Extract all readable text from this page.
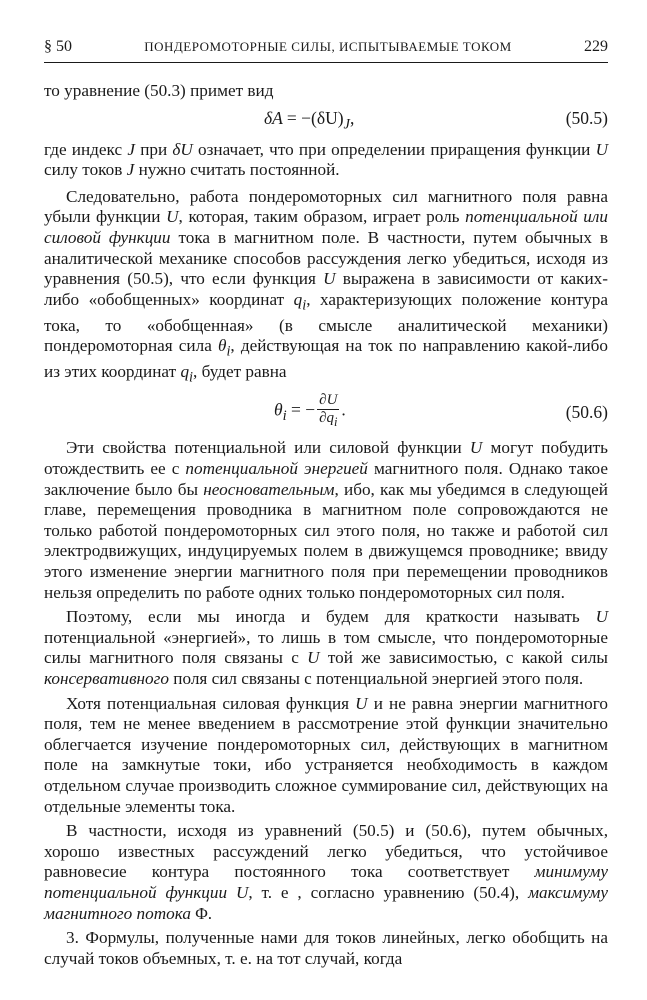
§ 50	ПОНДЕРОМОТОРНЫЕ СИЛЫ, ИСПЫТЫВАЕМЫЕ ТОКОМ	229

то уравнение (50.3) примет вид

$\delta A = -(\delta U)_J$,	(50.5)

где индекс J при δU означает, что при определении приращения функции U силу токов J нужно считать постоянной.

Следовательно, работа пондеромоторных сил магнитного поля равна убыли функции U, которая, таким образом, играет роль потенциальной или силовой функции тока в магнитном поле. В частности, путем обычных в аналитической механике способов рассуждения легко убедиться, исходя из уравнения (50.5), что если функция U выражена в зависимости от каких-либо «обобщенных» координат $q_i$, характеризующих положение контура тока, то «обобщенная» (в смысле аналитической механики) пондеромоторная сила $\theta_i$, действующая на ток по направлению какой-либо из этих координат $q_i$, будет равна

$\theta_i$ = − $\frac{\partial U}{\partial q_i}$ .	(50.6)

Эти свойства потенциальной или силовой функции U могут побудить отождествить ее с потенциальной энергией магнитного поля. Однако такое заключение было бы неосновательным, ибо, как мы убедимся в следующей главе, перемещения проводника в магнитном поле сопровождаются не только работой пондеромоторных сил этого поля, но также и работой сил электродвижущих, индуцируемых полем в движущемся проводнике; ввиду этого изменение энергии магнитного поля при перемещении проводников нельзя определить по работе одних только пондеромоторных сил поля.

Поэтому, если мы иногда и будем для краткости называть U потенциальной «энергией», то лишь в том смысле, что пондеромоторные силы магнитного поля связаны с U той же зависимостью, с какой силы консервативного поля сил связаны с потенциальной энергией этого поля.

Хотя потенциальная силовая функция U и не равна энергии магнитного поля, тем не менее введением в рассмотрение этой функции значительно облегчается изучение пондеромоторных сил, действующих в магнитном поле на замкнутые токи, ибо устраняется необходимость в каждом отдельном случае производить сложное суммирование сил, действующих на отдельные элементы тока.

В частности, исходя из уравнений (50.5) и (50.6), путем обычных, хорошо известных рассуждений легко убедиться, что устойчивое равновесие контура постоянного тока соответствует минимуму потенциальной функции U, т. е , согласно уравнению (50.4), максимуму магнитного потока Φ.

3. Формулы, полученные нами для токов линейных, легко обобщить на случай токов объемных, т. е. на тот случай, когда
